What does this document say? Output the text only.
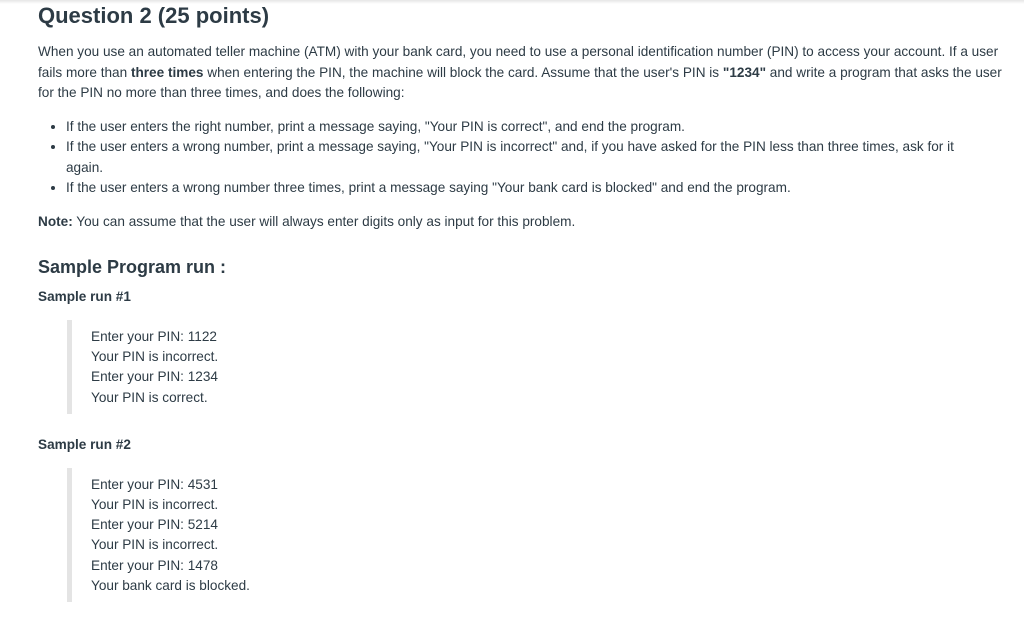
Question 2 (25 points)

When you use an automated teller machine (ATM) with your bank card, you need to use a personal identification number (PIN) to access your account. If a user fails more than three times when entering the PIN, the machine will block the card. Assume that the user's PIN is "1234" and write a program that asks the user for the PIN no more than three times, and does the following:

• If the user enters the right number, print a message saying, "Your PIN is correct", and end the program.
• If the user enters a wrong number, print a message saying, "Your PIN is incorrect" and, if you have asked for the PIN less than three times, ask for it again.
• If the user enters a wrong number three times, print a message saying "Your bank card is blocked" and end the program.

Note: You can assume that the user will always enter digits only as input for this problem.

Sample Program run :
Sample run #1
Enter your PIN: 1122
Your PIN is incorrect.
Enter your PIN: 1234
Your PIN is correct.
Sample run #2
Enter your PIN: 4531
Your PIN is incorrect.
Enter your PIN: 5214
Your PIN is incorrect.
Enter your PIN: 1478
Your bank card is blocked.
